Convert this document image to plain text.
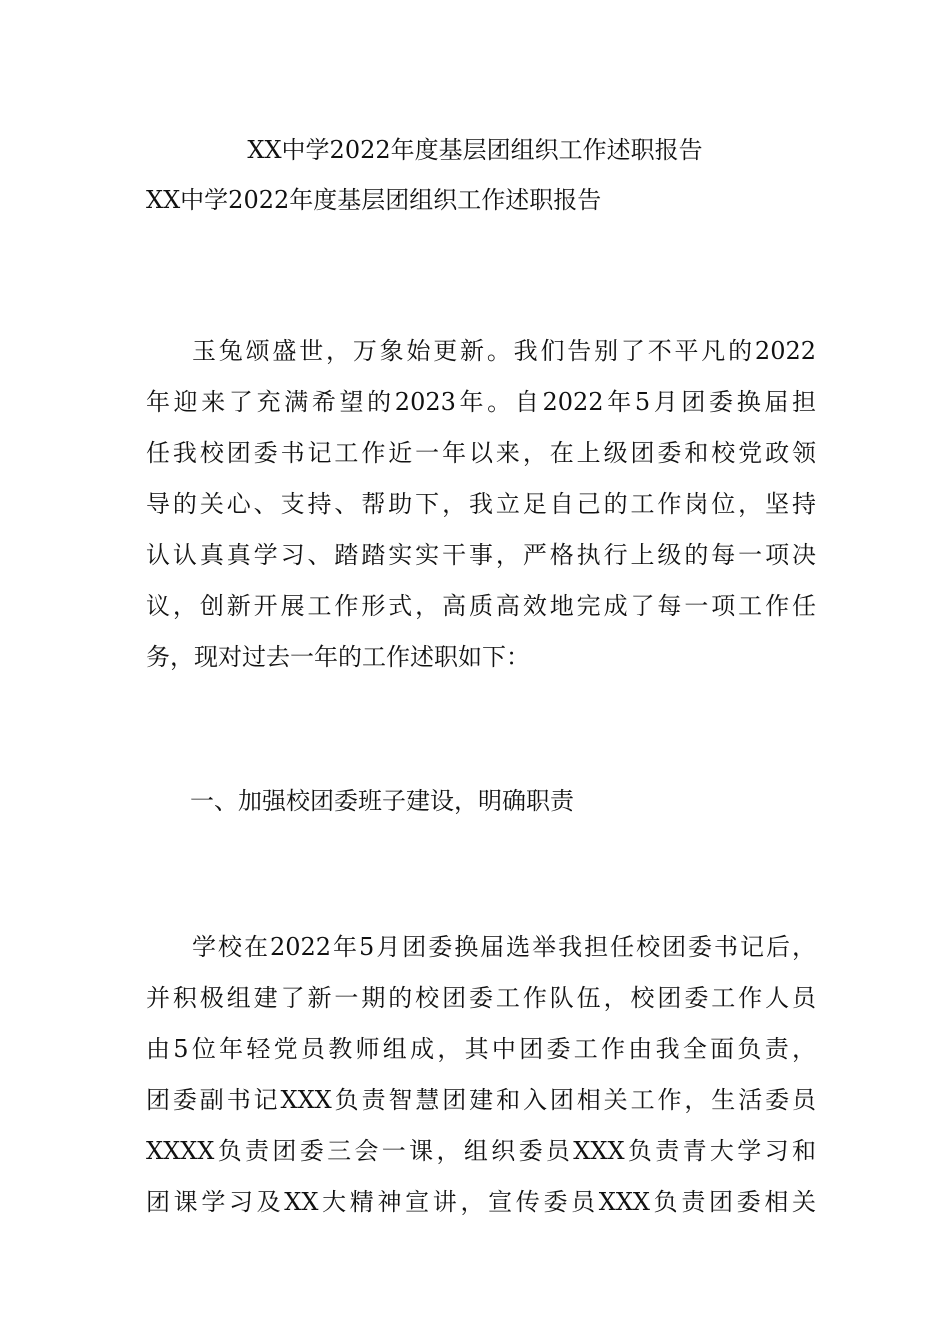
XX中学2022年度基层团组织工作述职报告
XX中学2022年度基层团组织工作述职报告
玉兔颂盛世，万象始更新。我们告别了不平凡的2022
年迎来了充满希望的2023年。自2022年5月团委换届担
任我校团委书记工作近一年以来，在上级团委和校党政领
导的关心、支持、帮助下，我立足自己的工作岗位，坚持
认认真真学习、踏踏实实干事，严格执行上级的每一项决
议，创新开展工作形式，高质高效地完成了每一项工作任
务，现对过去一年的工作述职如下：
一、加强校团委班子建设，明确职责
学校在2022年5月团委换届选举我担任校团委书记后，
并积极组建了新一期的校团委工作队伍，校团委工作人员
由5位年轻党员教师组成，其中团委工作由我全面负责，
团委副书记XXX负责智慧团建和入团相关工作，生活委员
XXXX负责团委三会一课，组织委员XXX负责青大学习和
团课学习及XX大精神宣讲，宣传委员XXX负责团委相关
